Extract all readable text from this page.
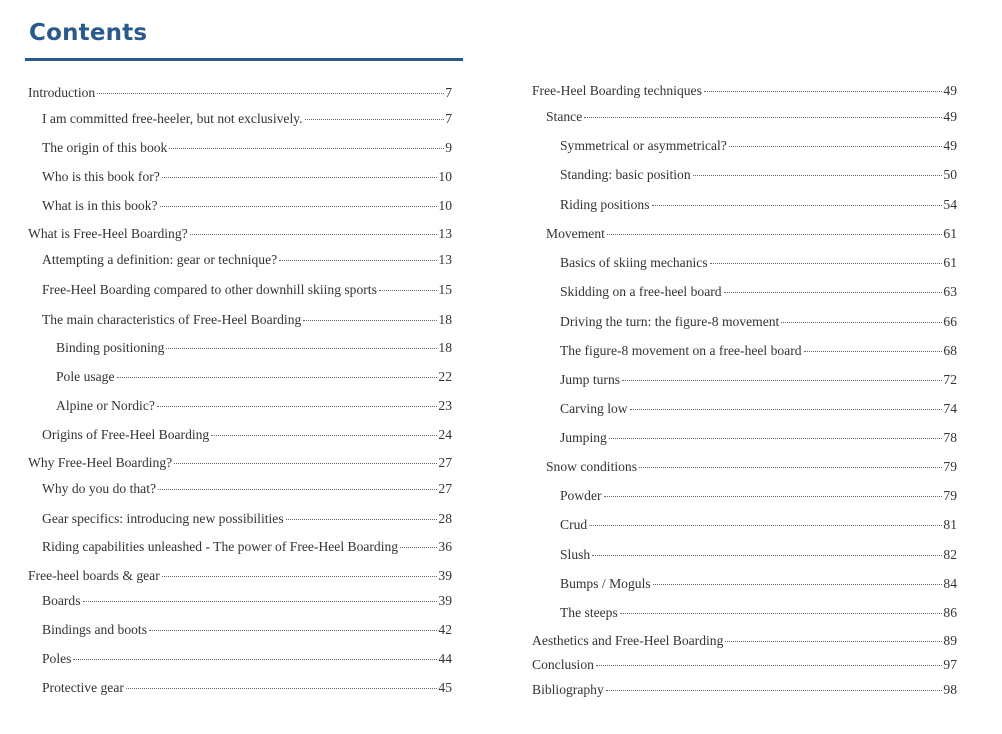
Contents
Introduction	7
I am committed free-heeler, but not exclusively.	7
The origin of this book	9
Who is this book for?	10
What is in this book?	10
What is Free-Heel Boarding?	13
Attempting a definition: gear or technique?	13
Free-Heel Boarding compared to other downhill skiing sports	15
The main characteristics of Free-Heel Boarding	18
Binding positioning	18
Pole usage	22
Alpine or Nordic?	23
Origins of Free-Heel Boarding	24
Why Free-Heel Boarding?	27
Why do you do that?	27
Gear specifics: introducing new possibilities	28
Riding capabilities unleashed - The power of Free-Heel Boarding	36
Free-heel boards & gear	39
Boards	39
Bindings and boots	42
Poles	44
Protective gear	45
Free-Heel Boarding techniques	49
Stance	49
Symmetrical or asymmetrical?	49
Standing: basic position	50
Riding positions	54
Movement	61
Basics of skiing mechanics	61
Skidding on a free-heel board	63
Driving the turn: the figure-8 movement	66
The figure-8 movement on a free-heel board	68
Jump turns	72
Carving low	74
Jumping	78
Snow conditions	79
Powder	79
Crud	81
Slush	82
Bumps / Moguls	84
The steeps	86
Aesthetics and Free-Heel Boarding	89
Conclusion	97
Bibliography	98
